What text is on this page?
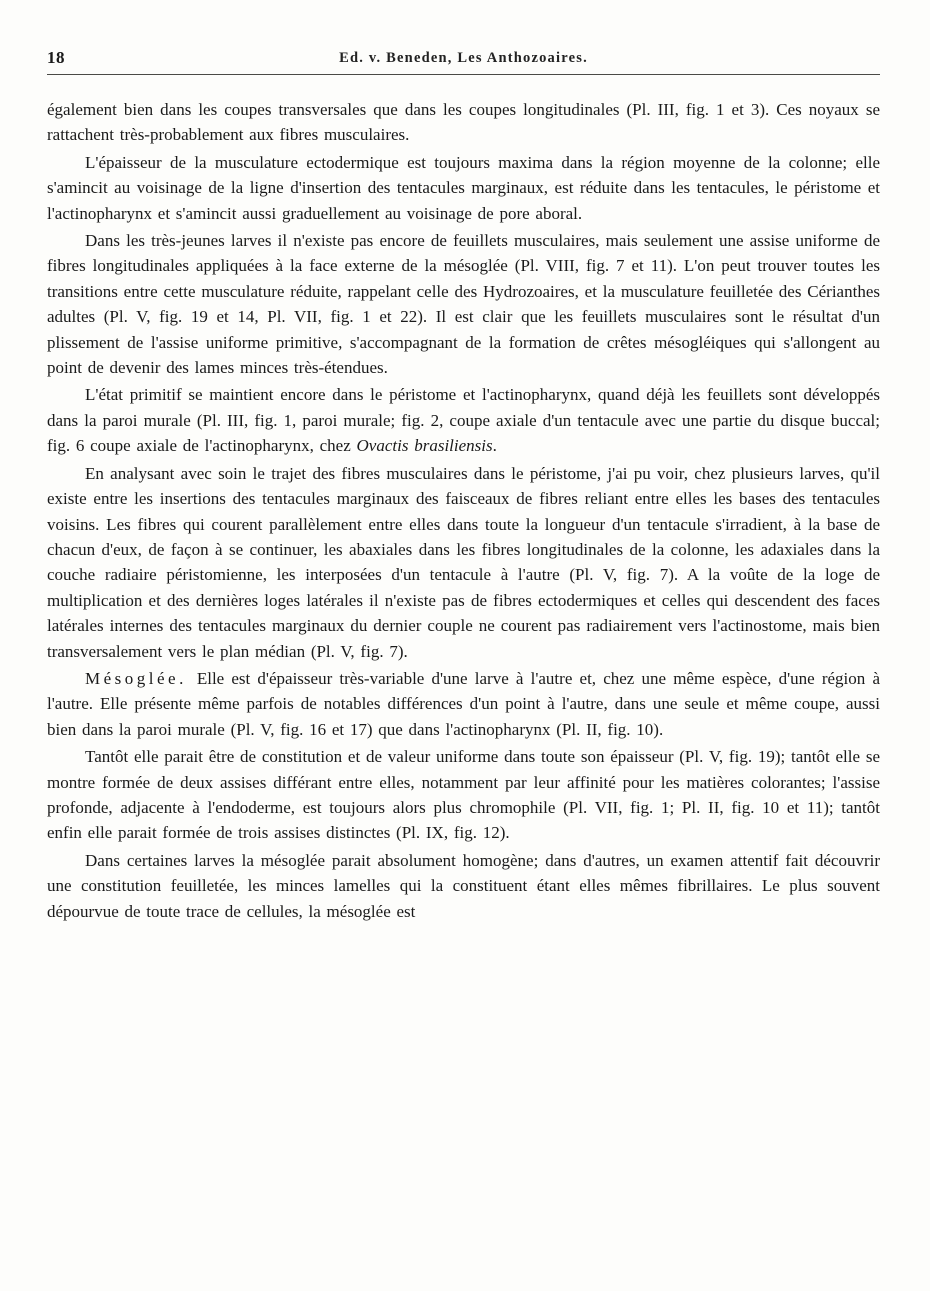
18	Ed. v. Beneden, Les Anthozoaires.

également bien dans les coupes transversales que dans les coupes longitudinales (Pl. III, fig. 1 et 3). Ces noyaux se rattachent très-probablement aux fibres musculaires.

L'épaisseur de la musculature ectodermique est toujours maxima dans la région moyenne de la colonne; elle s'amincit au voisinage de la ligne d'insertion des tentacules marginaux, est réduite dans les tentacules, le péristome et l'actinopharynx et s'amincit aussi graduellement au voisinage de pore aboral.

Dans les très-jeunes larves il n'existe pas encore de feuillets musculaires, mais seulement une assise uniforme de fibres longitudinales appliquées à la face externe de la mésoglée (Pl. VIII, fig. 7 et 11). L'on peut trouver toutes les transitions entre cette musculature réduite, rappelant celle des Hydrozoaires, et la musculature feuilletée des Cérianthes adultes (Pl. V, fig. 19 et 14, Pl. VII, fig. 1 et 22). Il est clair que les feuillets musculaires sont le résultat d'un plissement de l'assise uniforme primitive, s'accompagnant de la formation de crêtes mésogléiques qui s'allongent au point de devenir des lames minces très-étendues.

L'état primitif se maintient encore dans le péristome et l'actinopharynx, quand déjà les feuillets sont développés dans la paroi murale (Pl. III, fig. 1, paroi murale; fig. 2, coupe axiale d'un tentacule avec une partie du disque buccal; fig. 6 coupe axiale de l'actinopharynx, chez Ovactis brasiliensis.

En analysant avec soin le trajet des fibres musculaires dans le péristome, j'ai pu voir, chez plusieurs larves, qu'il existe entre les insertions des tentacules marginaux des faisceaux de fibres reliant entre elles les bases des tentacules voisins. Les fibres qui courent parallèlement entre elles dans toute la longueur d'un tentacule s'irradient, à la base de chacun d'eux, de façon à se continuer, les abaxiales dans les fibres longitudinales de la colonne, les adaxiales dans la couche radiaire péristomienne, les interposées d'un tentacule à l'autre (Pl. V, fig. 7). A la voûte de la loge de multiplication et des dernières loges latérales il n'existe pas de fibres ectodermiques et celles qui descendent des faces latérales internes des tentacules marginaux du dernier couple ne courent pas radiairement vers l'actinostome, mais bien transversalement vers le plan médian (Pl. V, fig. 7).

Mésoglée. Elle est d'épaisseur très-variable d'une larve à l'autre et, chez une même espèce, d'une région à l'autre. Elle présente même parfois de notables différences d'un point à l'autre, dans une seule et même coupe, aussi bien dans la paroi murale (Pl. V, fig. 16 et 17) que dans l'actinopharynx (Pl. II, fig. 10).

Tantôt elle parait être de constitution et de valeur uniforme dans toute son épaisseur (Pl. V, fig. 19); tantôt elle se montre formée de deux assises différant entre elles, notamment par leur affinité pour les matières colorantes; l'assise profonde, adjacente à l'endoderme, est toujours alors plus chromophile (Pl. VII, fig. 1; Pl. II, fig. 10 et 11); tantôt enfin elle parait formée de trois assises distinctes (Pl. IX, fig. 12).

Dans certaines larves la mésoglée parait absolument homogène; dans d'autres, un examen attentif fait découvrir une constitution feuilletée, les minces lamelles qui la constituent étant elles mêmes fibrillaires. Le plus souvent dépourvue de toute trace de cellules, la mésoglée est
